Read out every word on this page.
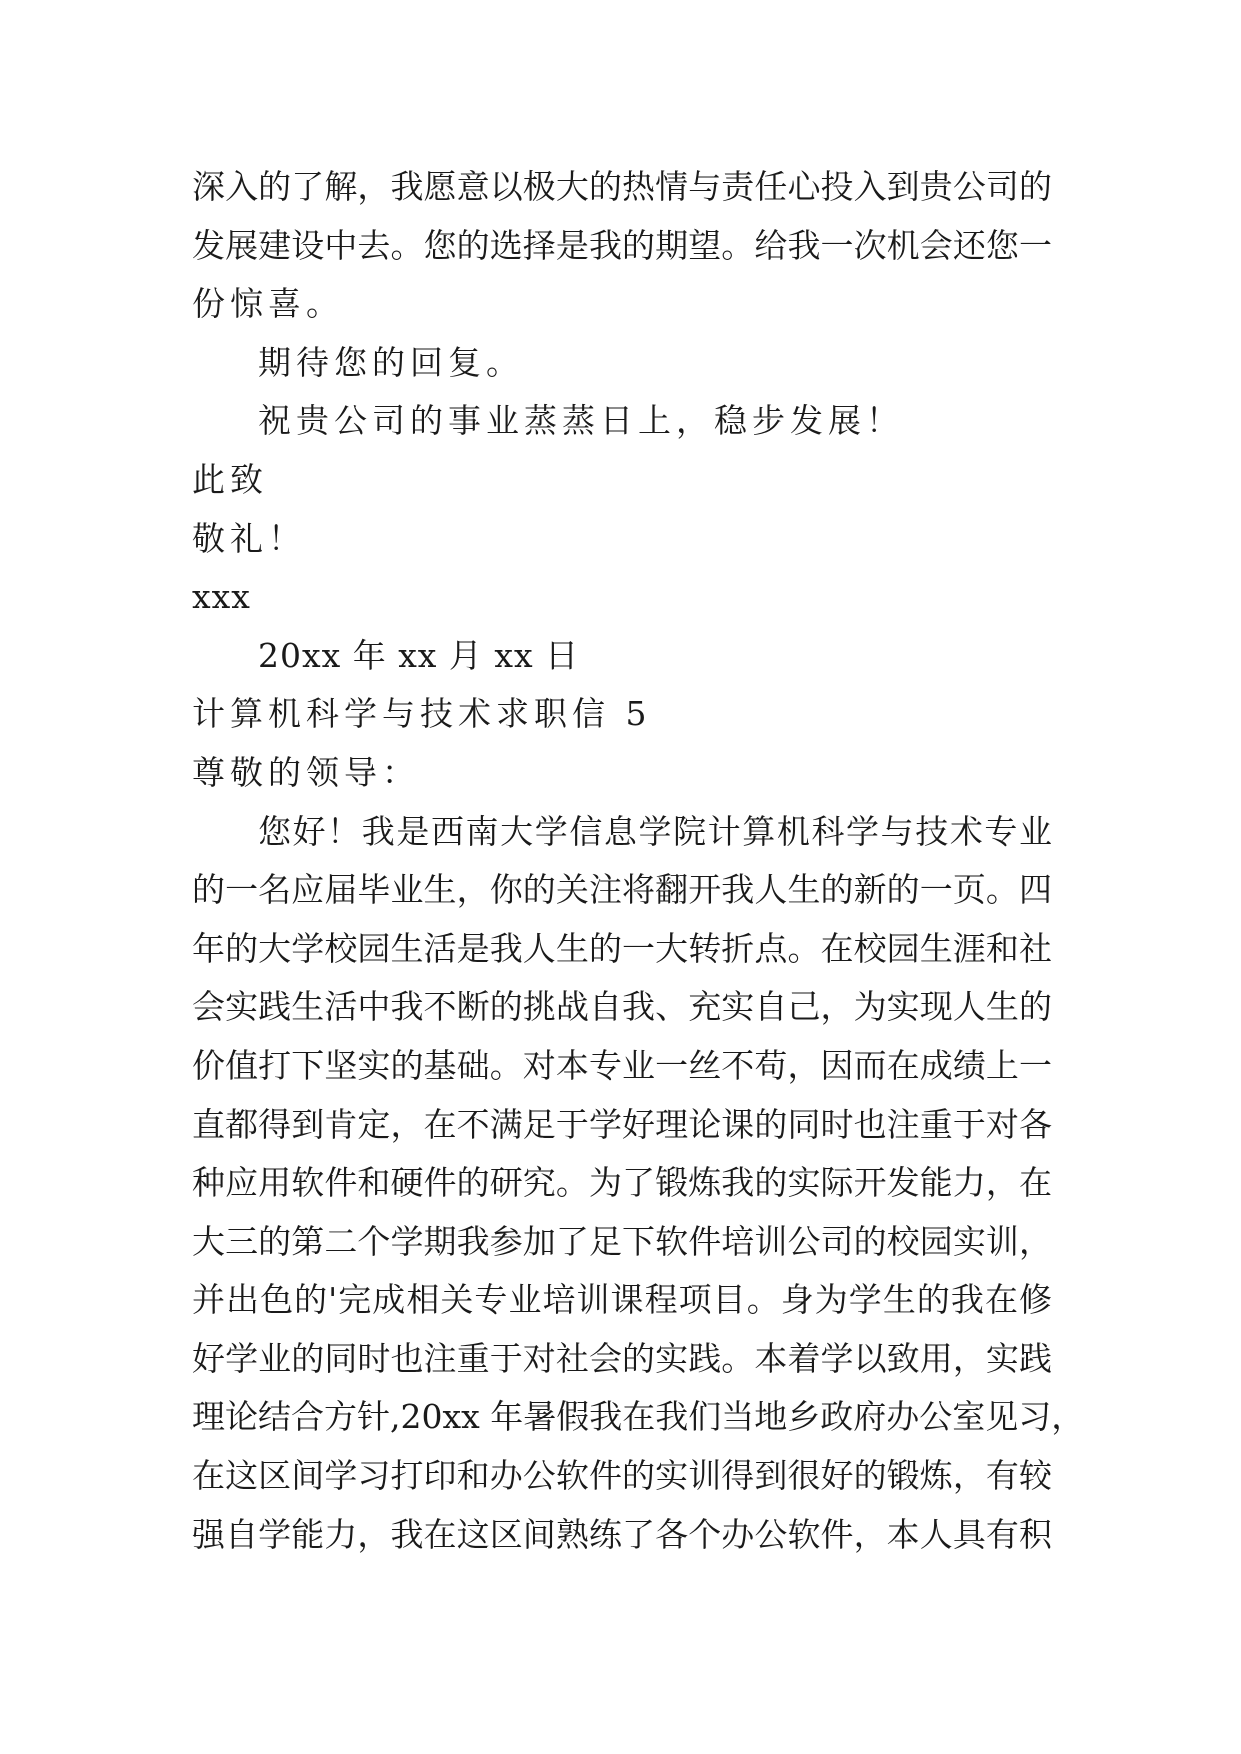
深入的了解，我愿意以极大的热情与责任心投入到贵公司的
发展建设中去。您的选择是我的期望。给我一次机会还您一
份惊喜。
期待您的回复。
祝贵公司的事业蒸蒸日上，稳步发展！
此致
敬礼！
xxx
20xx 年 xx 月 xx 日
计算机科学与技术求职信 5
尊敬的领导：
您好！我是西南大学信息学院计算机科学与技术专业
的一名应届毕业生，你的关注将翻开我人生的新的一页。四
年的大学校园生活是我人生的一大转折点。在校园生涯和社
会实践生活中我不断的挑战自我、充实自己，为实现人生的
价值打下坚实的基础。对本专业一丝不苟，因而在成绩上一
直都得到肯定，在不满足于学好理论课的同时也注重于对各
种应用软件和硬件的研究。为了锻炼我的实际开发能力，在
大三的第二个学期我参加了足下软件培训公司的校园实训，
并出色的'完成相关专业培训课程项目。身为学生的我在修
好学业的同时也注重于对社会的实践。本着学以致用，实践
理论结合方针,20xx 年暑假我在我们当地乡政府办公室见习，
在这区间学习打印和办公软件的实训得到很好的锻炼，有较
强自学能力，我在这区间熟练了各个办公软件，本人具有积
